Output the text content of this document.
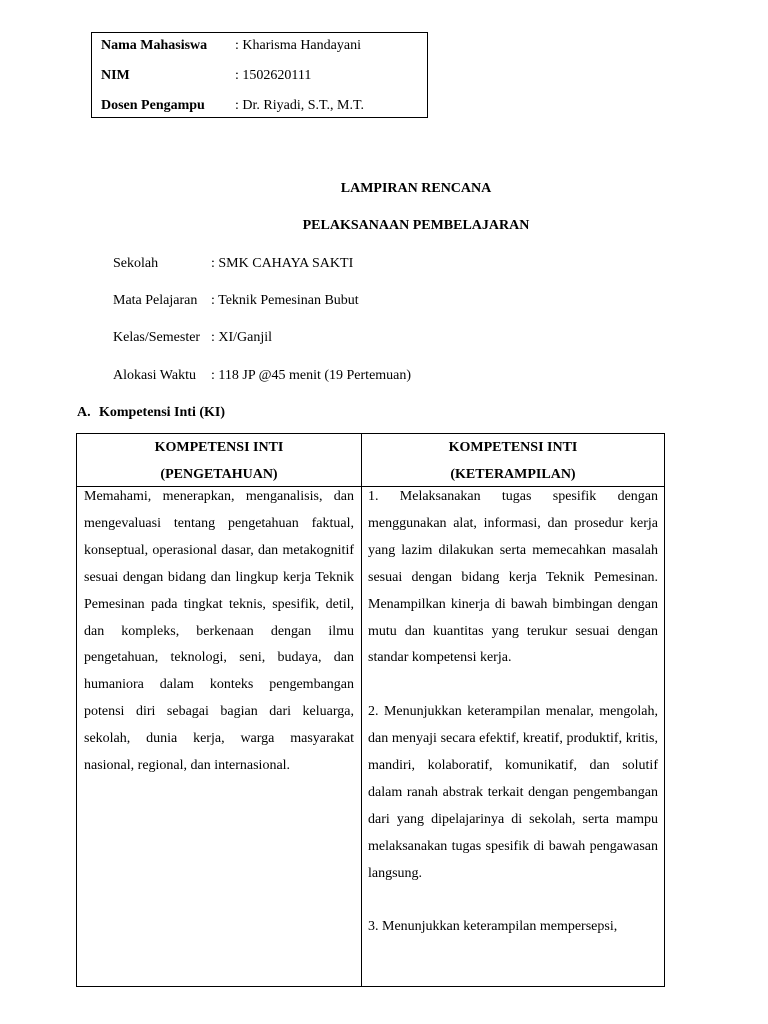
Nama Mahasiswa : Kharisma Handayani
NIM	: 1502620111
Dosen Pengampu : Dr. Riyadi, S.T., M.T.
LAMPIRAN RENCANA
PELAKSANAAN PEMBELAJARAN
Sekolah	: SMK CAHAYA SAKTI
Mata Pelajaran : Teknik Pemesinan Bubut
Kelas/Semester : XI/Ganjil
Alokasi Waktu : 118 JP @45 menit (19 Pertemuan)
A. Kompetensi Inti (KI)
KOMPETENSI INTI
(PENGETAHUAN)
KOMPETENSI INTI
(KETERAMPILAN)

Memahami, menerapkan, menganalisis, dan mengevaluasi tentang pengetahuan faktual, konseptual, operasional dasar, dan metakognitif sesuai dengan bidang dan lingkup kerja Teknik Pemesinan pada tingkat teknis, spesifik, detil, dan kompleks, berkenaan dengan ilmu pengetahuan, teknologi, seni, budaya, dan humaniora dalam konteks pengembangan potensi diri sebagai bagian dari keluarga, sekolah, dunia kerja, warga masyarakat nasional, regional, dan internasional.

1. Melaksanakan tugas spesifik dengan menggunakan alat, informasi, dan prosedur kerja yang lazim dilakukan serta memecahkan masalah sesuai dengan bidang kerja Teknik Pemesinan. Menampilkan kinerja di bawah bimbingan dengan mutu dan kuantitas yang terukur sesuai dengan standar kompetensi kerja.

2. Menunjukkan keterampilan menalar, mengolah, dan menyaji secara efektif, kreatif, produktif, kritis, mandiri, kolaboratif, komunikatif, dan solutif dalam ranah abstrak terkait dengan pengembangan dari yang dipelajarinya di sekolah, serta mampu melaksanakan tugas spesifik di bawah pengawasan langsung.

3. Menunjukkan keterampilan mempersepsi,
